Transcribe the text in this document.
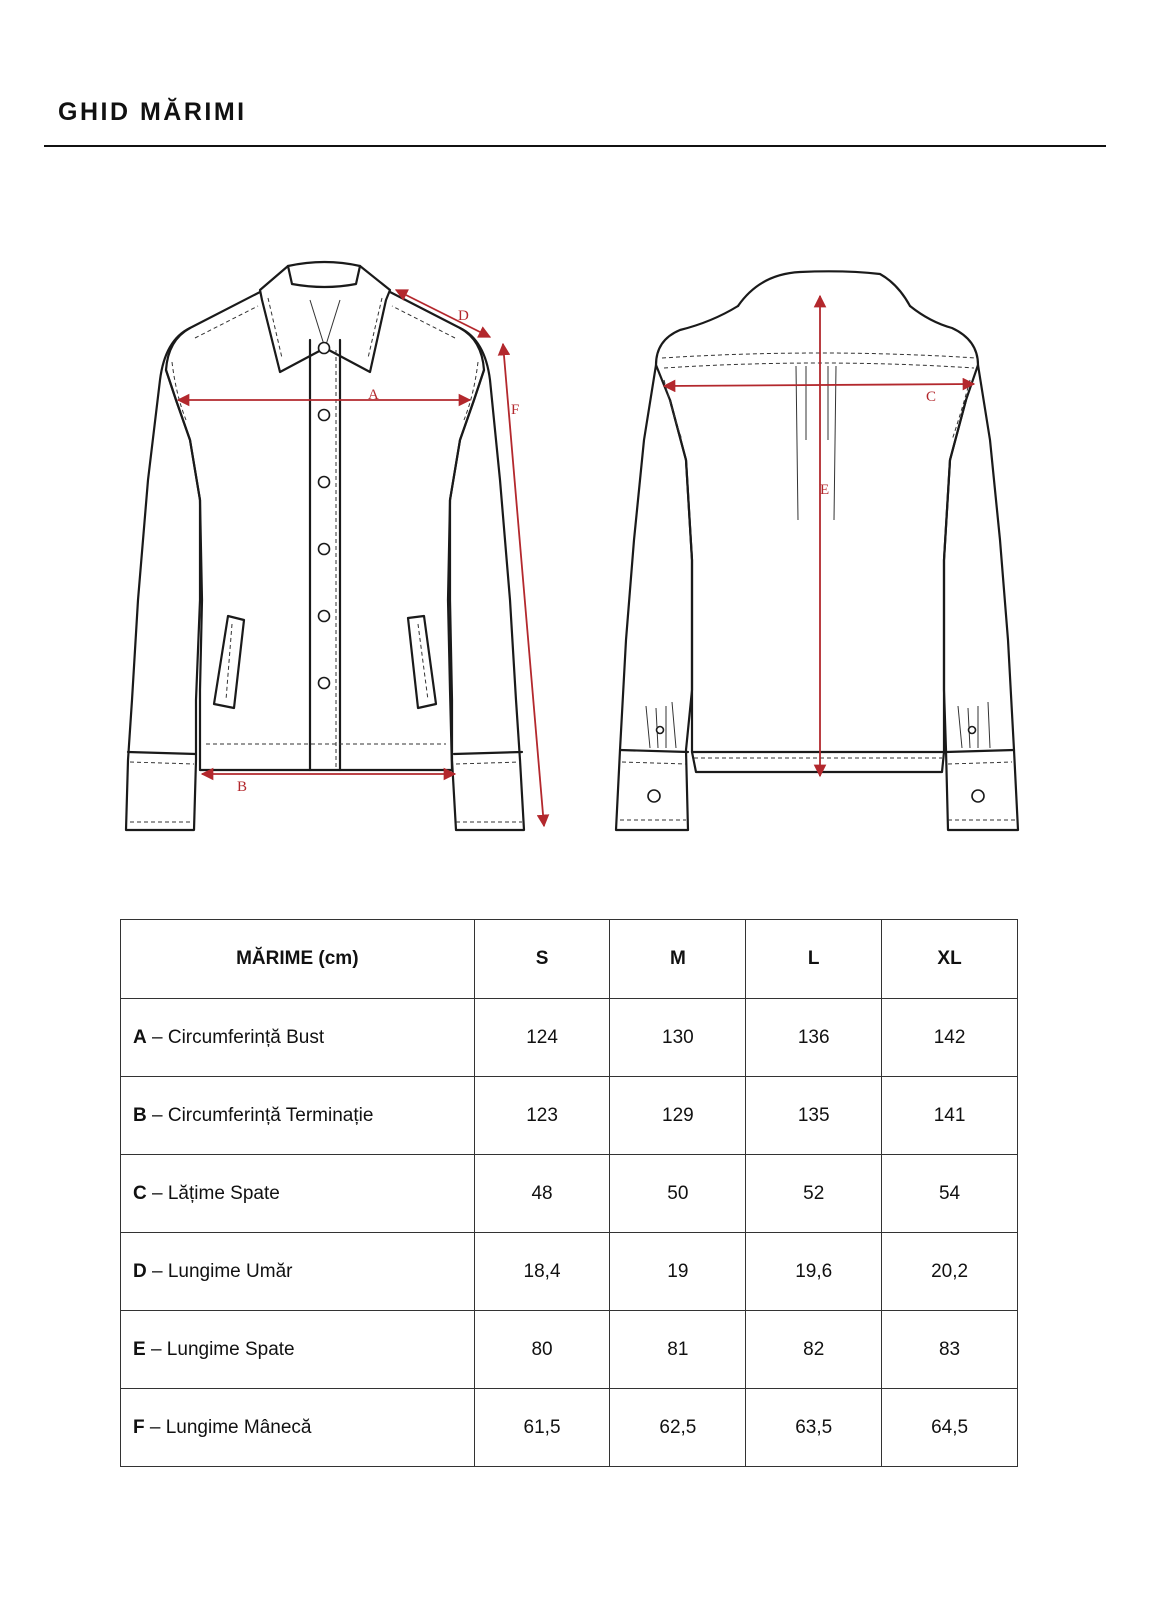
GHID MĂRIMI
A
B
D
F
C
E
MĂRIME (cm)	S	M	L	XL
A – Circumferință Bust	124	130	136	142
B – Circumferință Terminație	123	129	135	141
C – Lățime Spate	48	50	52	54
D – Lungime Umăr	18,4	19	19,6	20,2
E – Lungime Spate	80	81	82	83
F – Lungime Mânecă	61,5	62,5	63,5	64,5
